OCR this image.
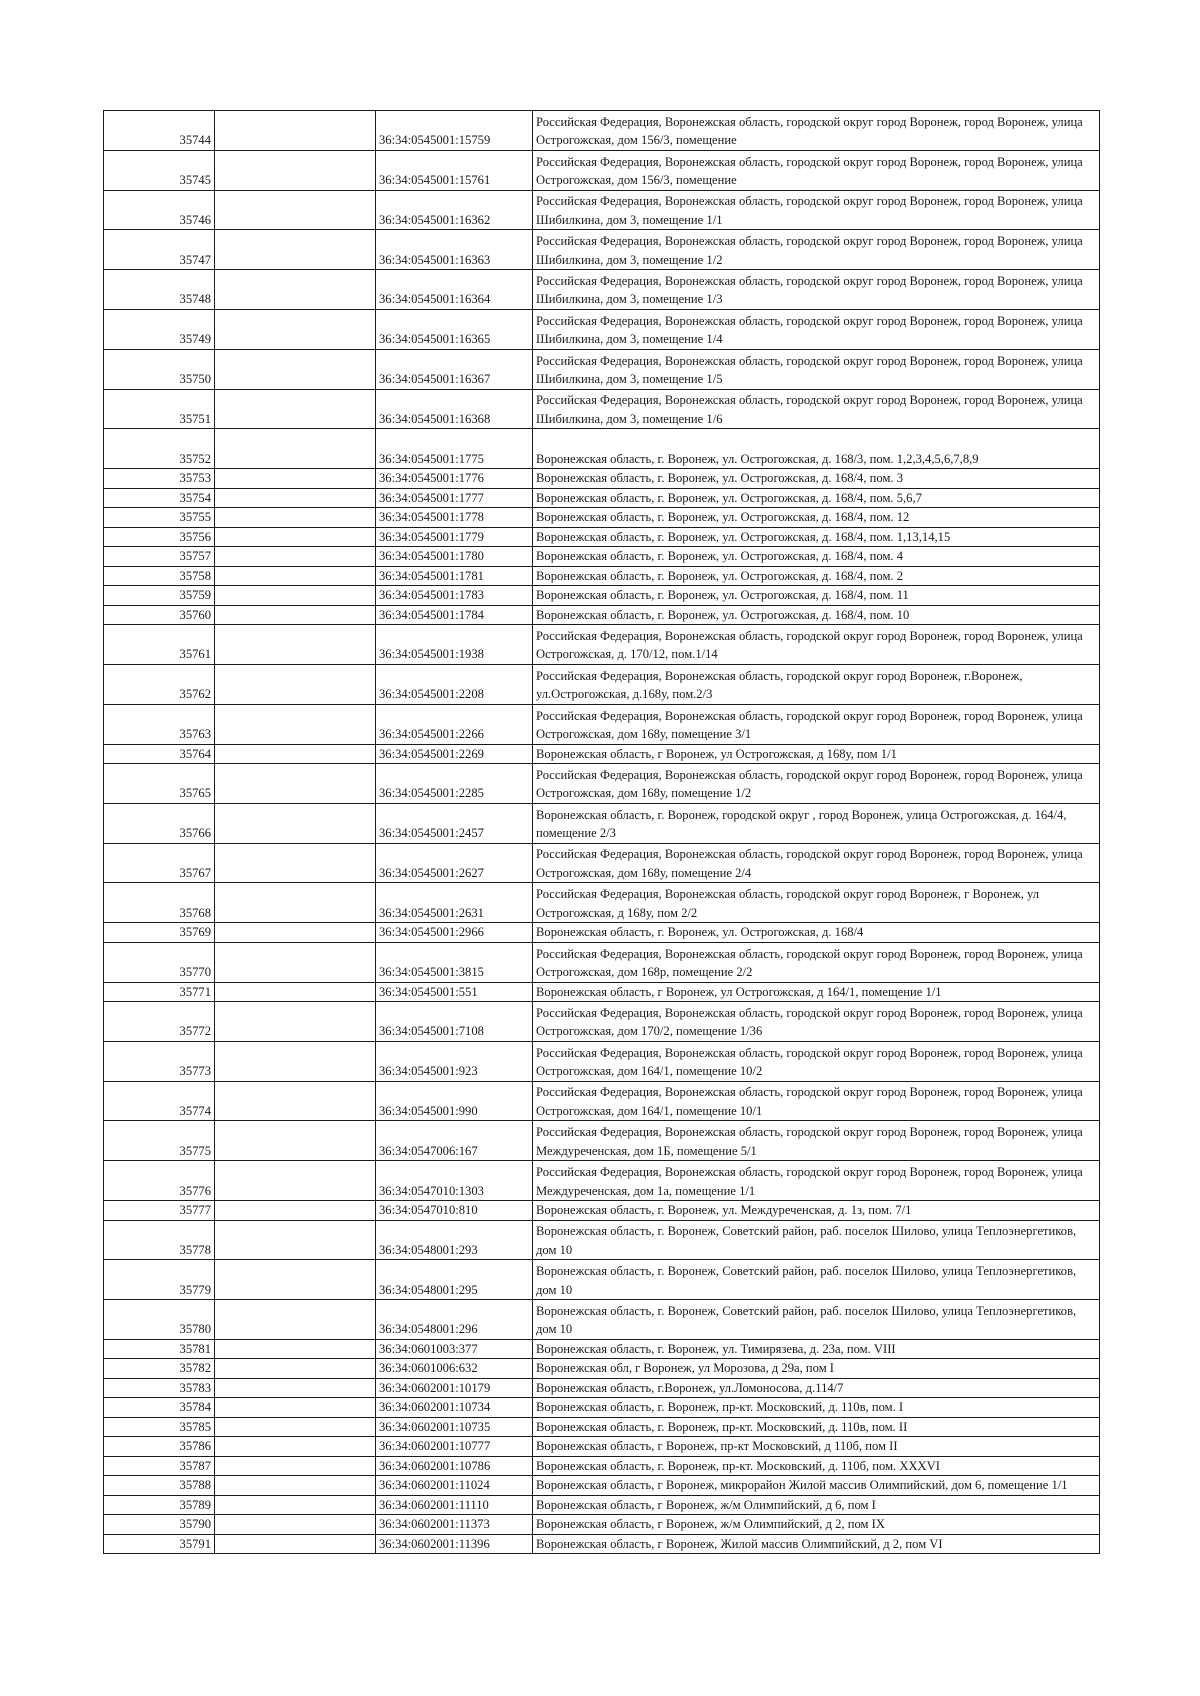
35744		36:34:0545001:15759	Российская Федерация, Воронежская область, городской округ город Воронеж, город Воронеж, улица Острогожская, дом 156/3, помещение
35745		36:34:0545001:15761	Российская Федерация, Воронежская область, городской округ город Воронеж, город Воронеж, улица Острогожская, дом 156/3, помещение
35746		36:34:0545001:16362	Российская Федерация, Воронежская область, городской округ город Воронеж, город Воронеж, улица Шибилкина, дом 3, помещение 1/1
35747		36:34:0545001:16363	Российская Федерация, Воронежская область, городской округ город Воронеж, город Воронеж, улица Шибилкина, дом 3, помещение 1/2
35748		36:34:0545001:16364	Российская Федерация, Воронежская область, городской округ город Воронеж, город Воронеж, улица Шибилкина, дом 3, помещение 1/3
35749		36:34:0545001:16365	Российская Федерация, Воронежская область, городской округ город Воронеж, город Воронеж, улица Шибилкина, дом 3, помещение 1/4
35750		36:34:0545001:16367	Российская Федерация, Воронежская область, городской округ город Воронеж, город Воронеж, улица Шибилкина, дом 3, помещение 1/5
35751		36:34:0545001:16368	Российская Федерация, Воронежская область, городской округ город Воронеж, город Воронеж, улица Шибилкина, дом 3, помещение 1/6
35752		36:34:0545001:1775	Воронежская область, г. Воронеж, ул. Острогожская, д. 168/3, пом. 1,2,3,4,5,6,7,8,9
35753		36:34:0545001:1776	Воронежская область, г. Воронеж, ул. Острогожская, д. 168/4, пом. 3
35754		36:34:0545001:1777	Воронежская область, г. Воронеж, ул. Острогожская, д. 168/4, пом. 5,6,7
35755		36:34:0545001:1778	Воронежская область, г. Воронеж, ул. Острогожская, д. 168/4, пом. 12
35756		36:34:0545001:1779	Воронежская область, г. Воронеж, ул. Острогожская, д. 168/4, пом. 1,13,14,15
35757		36:34:0545001:1780	Воронежская область, г. Воронеж, ул. Острогожская, д. 168/4, пом. 4
35758		36:34:0545001:1781	Воронежская область, г. Воронеж, ул. Острогожская, д. 168/4, пом. 2
35759		36:34:0545001:1783	Воронежская область, г. Воронеж, ул. Острогожская, д. 168/4, пом. 11
35760		36:34:0545001:1784	Воронежская область, г. Воронеж, ул. Острогожская, д. 168/4, пом. 10
35761		36:34:0545001:1938	Российская Федерация, Воронежская область, городской округ город Воронеж, город Воронеж, улица Острогожская, д. 170/12, пом.1/14
35762		36:34:0545001:2208	Российская Федерация, Воронежская область, городской округ город Воронеж, г.Воронеж, ул.Острогожская, д.168у, пом.2/3
35763		36:34:0545001:2266	Российская Федерация, Воронежская область, городской округ город Воронеж, город Воронеж, улица Острогожская, дом 168у, помещение 3/1
35764		36:34:0545001:2269	Воронежская область, г Воронеж, ул Острогожская, д 168у, пом 1/1
35765		36:34:0545001:2285	Российская Федерация, Воронежская область, городской округ город Воронеж, город Воронеж, улица Острогожская, дом 168у, помещение 1/2
35766		36:34:0545001:2457	Воронежская область, г. Воронеж, городской округ , город Воронеж, улица Острогожская, д. 164/4, помещение 2/3
35767		36:34:0545001:2627	Российская Федерация, Воронежская область, городской округ город Воронеж, город Воронеж, улица Острогожская, дом 168у, помещение 2/4
35768		36:34:0545001:2631	Российская Федерация, Воронежская область, городской округ город Воронеж, г Воронеж, ул Острогожская, д 168у, пом 2/2
35769		36:34:0545001:2966	Воронежская область, г. Воронеж, ул. Острогожская, д. 168/4
35770		36:34:0545001:3815	Российская Федерация, Воронежская область, городской округ город Воронеж, город Воронеж, улица Острогожская, дом 168р, помещение 2/2
35771		36:34:0545001:551	Воронежская область, г Воронеж, ул Острогожская, д 164/1, помещение 1/1
35772		36:34:0545001:7108	Российская Федерация, Воронежская область, городской округ город Воронеж, город Воронеж, улица Острогожская, дом 170/2, помещение 1/36
35773		36:34:0545001:923	Российская Федерация, Воронежская область, городской округ город Воронеж, город Воронеж, улица Острогожская, дом 164/1, помещение 10/2
35774		36:34:0545001:990	Российская Федерация, Воронежская область, городской округ город Воронеж, город Воронеж, улица Острогожская, дом 164/1, помещение 10/1
35775		36:34:0547006:167	Российская Федерация, Воронежская область, городской округ город Воронеж, город Воронеж, улица Междуреченская, дом 1Б, помещение 5/1
35776		36:34:0547010:1303	Российская Федерация, Воронежская область, городской округ город Воронеж, город Воронеж, улица Междуреченская, дом 1а, помещение 1/1
35777		36:34:0547010:810	Воронежская область, г. Воронеж, ул. Междуреченская, д. 1з, пом. 7/1
35778		36:34:0548001:293	Воронежская область, г. Воронеж, Советский район, раб. поселок Шилово, улица Теплоэнергетиков, дом 10
35779		36:34:0548001:295	Воронежская область, г. Воронеж, Советский район, раб. поселок Шилово, улица Теплоэнергетиков, дом 10
35780		36:34:0548001:296	Воронежская область, г. Воронеж, Советский район, раб. поселок Шилово, улица Теплоэнергетиков, дом 10
35781		36:34:0601003:377	Воронежская область, г. Воронеж, ул. Тимирязева, д. 23а, пом. VIII
35782		36:34:0601006:632	Воронежская обл, г Воронеж, ул Морозова, д 29а, пом I
35783		36:34:0602001:10179	Воронежская область, г.Воронеж, ул.Ломоносова, д.114/7
35784		36:34:0602001:10734	Воронежская область, г. Воронеж, пр-кт. Московский, д. 110в, пом. I
35785		36:34:0602001:10735	Воронежская область, г. Воронеж, пр-кт. Московский, д. 110в, пом. II
35786		36:34:0602001:10777	Воронежская область, г Воронеж, пр-кт Московский, д 110б, пом II
35787		36:34:0602001:10786	Воронежская область, г. Воронеж, пр-кт. Московский, д. 110б, пом. XXXVI
35788		36:34:0602001:11024	Воронежская область, г Воронеж, микрорайон Жилой массив Олимпийский, дом 6, помещение 1/1
35789		36:34:0602001:11110	Воронежская область, г Воронеж, ж/м Олимпийский, д 6, пом I
35790		36:34:0602001:11373	Воронежская область, г Воронеж, ж/м Олимпийский, д 2, пом IX
35791		36:34:0602001:11396	Воронежская область, г Воронеж, Жилой массив Олимпийский, д 2, пом VI
